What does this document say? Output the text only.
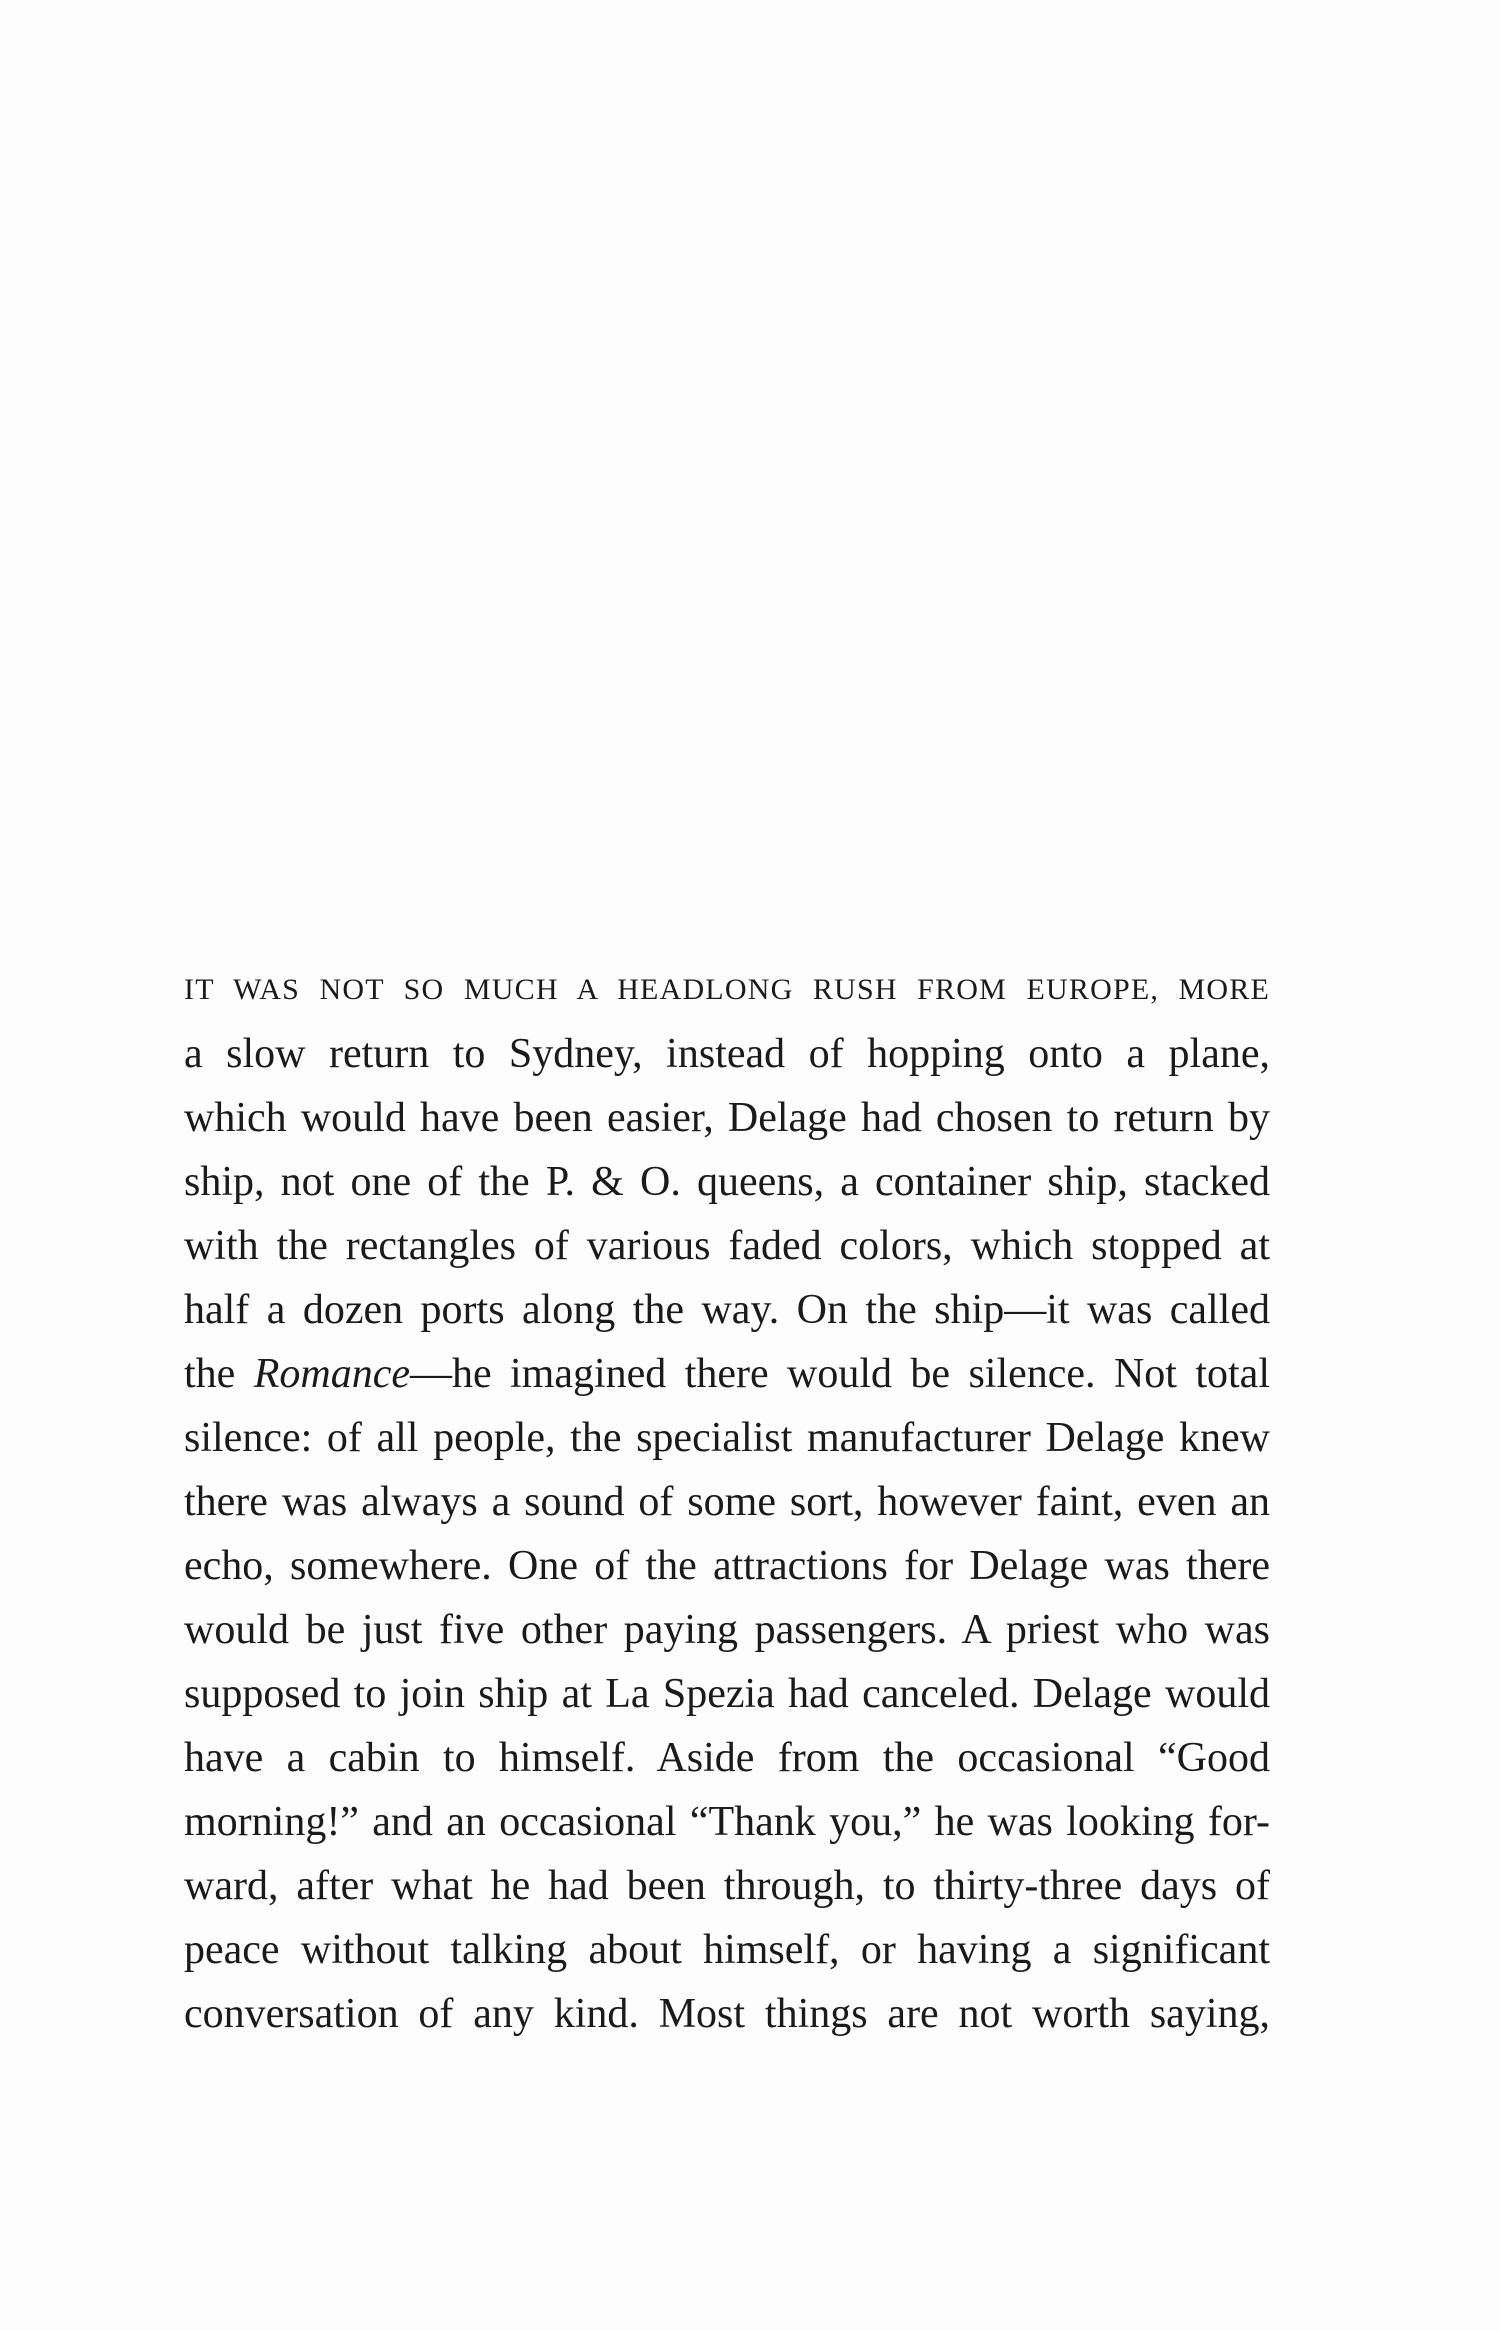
IT WAS NOT SO MUCH A HEADLONG RUSH FROM EUROPE, MORE
a slow return to Sydney, instead of hopping onto a plane,
which would have been easier, Delage had chosen to return by
ship, not one of the P. & O. queens, a container ship, stacked
with the rectangles of various faded colors, which stopped at
half a dozen ports along the way. On the ship—it was called
the Romance—he imagined there would be silence. Not total
silence: of all people, the specialist manufacturer Delage knew
there was always a sound of some sort, however faint, even an
echo, somewhere. One of the attractions for Delage was there
would be just five other paying passengers. A priest who was
supposed to join ship at La Spezia had canceled. Delage would
have a cabin to himself. Aside from the occasional “Good
morning!” and an occasional “Thank you,” he was looking for-
ward, after what he had been through, to thirty-three days of
peace without talking about himself, or having a significant
conversation of any kind. Most things are not worth saying,
